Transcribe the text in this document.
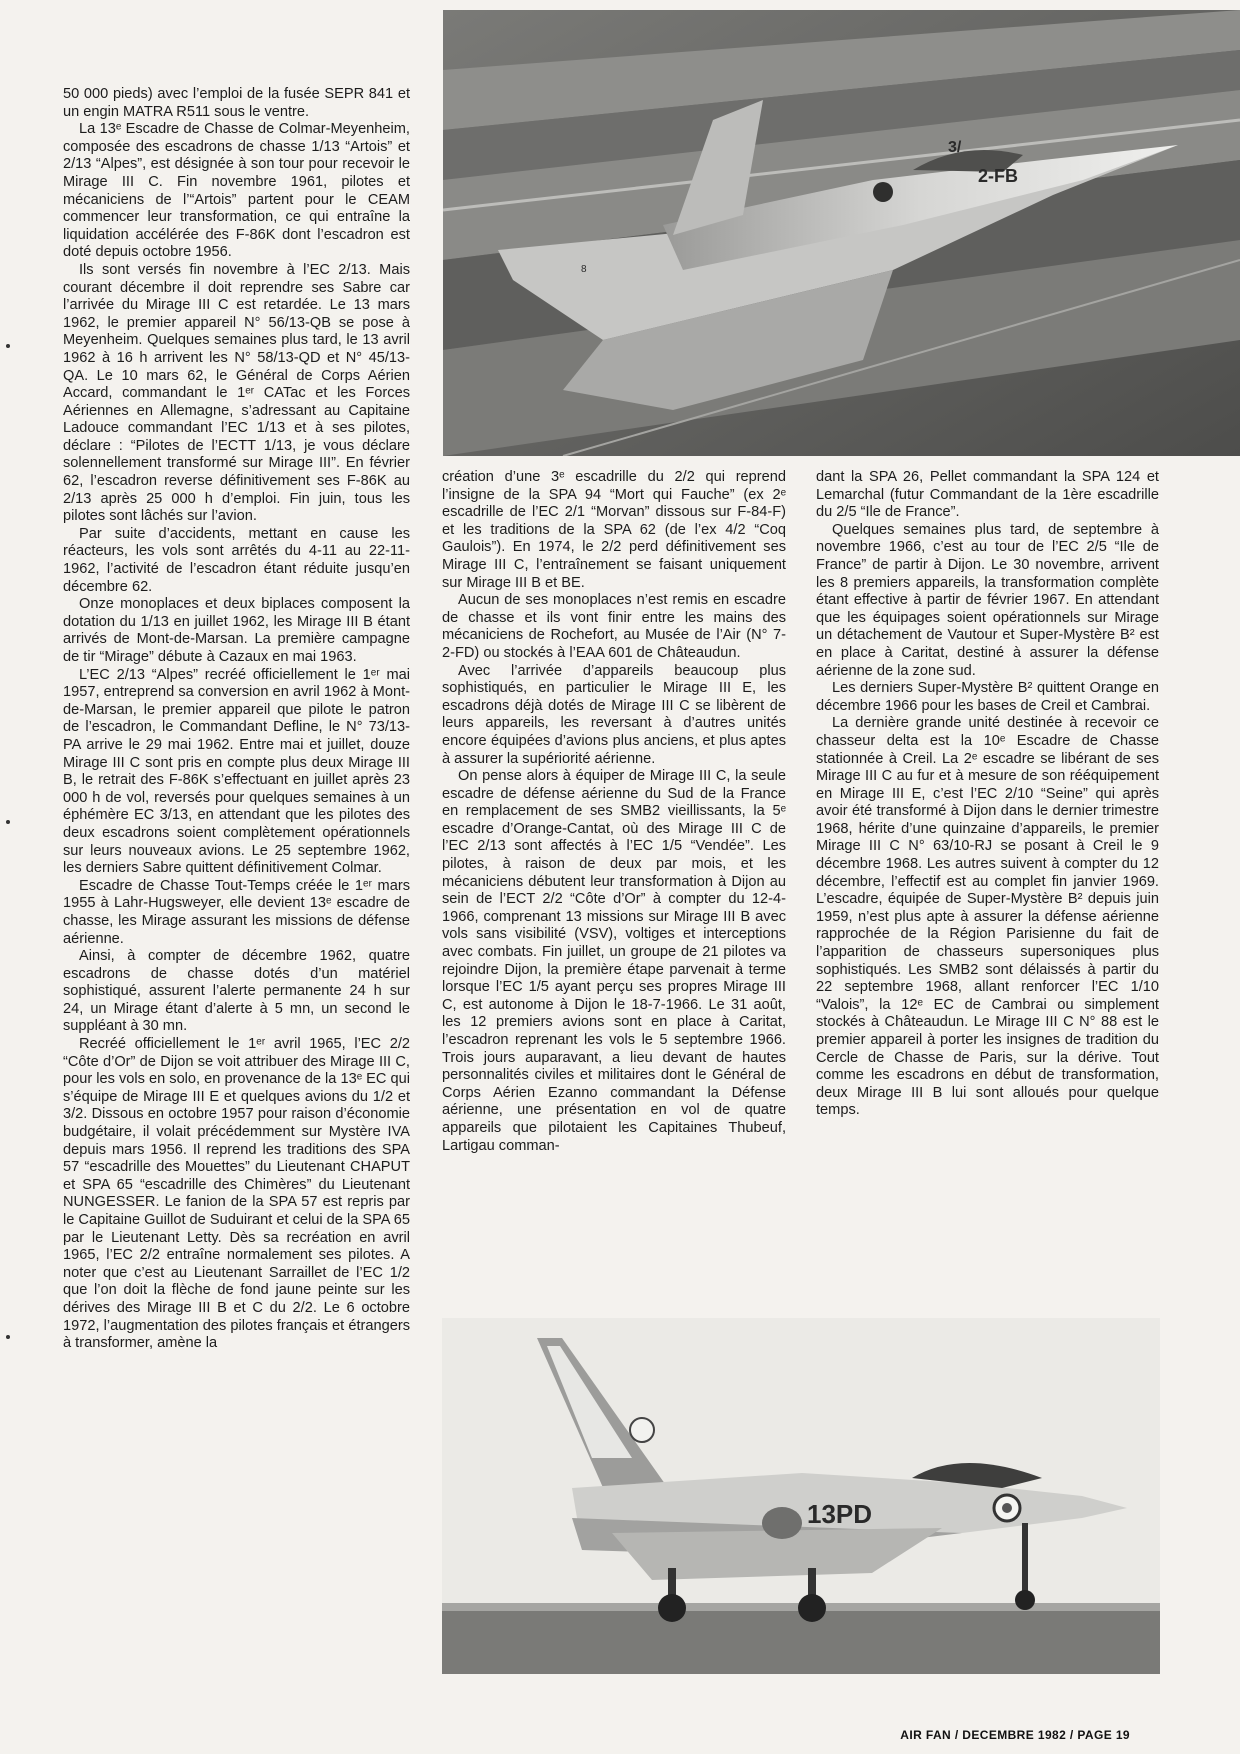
50 000 pieds) avec l’emploi de la fusée SEPR 841 et un engin MATRA R511 sous le ventre.

La 13ᵉ Escadre de Chasse de Colmar-Meyenheim, composée des escadrons de chasse 1/13 “Artois” et 2/13 “Alpes”, est désignée à son tour pour recevoir le Mirage III C. Fin novembre 1961, pilotes et mécaniciens de l’“Artois” partent pour le CEAM commencer leur transformation, ce qui entraîne la liquidation accélérée des F-86K dont l’escadron est doté depuis octobre 1956.

Ils sont versés fin novembre à l’EC 2/13. Mais courant décembre il doit reprendre ses Sabre car l’arrivée du Mirage III C est retardée. Le 13 mars 1962, le premier appareil N° 56/13-QB se pose à Meyenheim. Quelques semaines plus tard, le 13 avril 1962 à 16 h arrivent les N° 58/13-QD et N° 45/13-QA. Le 10 mars 62, le Général de Corps Aérien Accard, commandant le 1ᵉʳ CATac et les Forces Aériennes en Allemagne, s’adressant au Capitaine Ladouce commandant l’EC 1/13 et à ses pilotes, déclare : “Pilotes de l’ECTT 1/13, je vous déclare solennellement transformé sur Mirage III”. En février 62, l’escadron reverse définitivement ses F-86K au 2/13 après 25 000 h d’emploi. Fin juin, tous les pilotes sont lâchés sur l’avion.

Par suite d’accidents, mettant en cause les réacteurs, les vols sont arrêtés du 4-11 au 22-11-1962, l’activité de l’escadron étant réduite jusqu’en décembre 62.

Onze monoplaces et deux biplaces composent la dotation du 1/13 en juillet 1962, les Mirage III B étant arrivés de Mont-de-Marsan. La première campagne de tir “Mirage” débute à Cazaux en mai 1963.

L’EC 2/13 “Alpes” recréé officiellement le 1ᵉʳ mai 1957, entreprend sa conversion en avril 1962 à Mont-de-Marsan, le premier appareil que pilote le patron de l’escadron, le Commandant Defline, le N° 73/13-PA arrive le 29 mai 1962. Entre mai et juillet, douze Mirage III C sont pris en compte plus deux Mirage III B, le retrait des F-86K s’effectuant en juillet après 23 000 h de vol, reversés pour quelques semaines à un éphémère EC 3/13, en attendant que les pilotes des deux escadrons soient complètement opérationnels sur leurs nouveaux avions. Le 25 septembre 1962, les derniers Sabre quittent définitivement Colmar.

Escadre de Chasse Tout-Temps créée le 1ᵉʳ mars 1955 à Lahr-Hugsweyer, elle devient 13ᵉ escadre de chasse, les Mirage assurant les missions de défense aérienne.

Ainsi, à compter de décembre 1962, quatre escadrons de chasse dotés d’un matériel sophistiqué, assurent l’alerte permanente 24 h sur 24, un Mirage étant d’alerte à 5 mn, un second le suppléant à 30 mn.

Recréé officiellement le 1ᵉʳ avril 1965, l’EC 2/2 “Côte d’Or” de Dijon se voit attribuer des Mirage III C, pour les vols en solo, en provenance de la 13ᵉ EC qui s’équipe de Mirage III E et quelques avions du 1/2 et 3/2. Dissous en octobre 1957 pour raison d’économie budgétaire, il volait précédemment sur Mystère IVA depuis mars 1956. Il reprend les traditions des SPA 57 “escadrille des Mouettes” du Lieutenant CHAPUT et SPA 65 “escadrille des Chimères” du Lieutenant NUNGESSER. Le fanion de la SPA 57 est repris par le Capitaine Guillot de Suduirant et celui de la SPA 65 par le Lieutenant Letty. Dès sa recréation en avril 1965, l’EC 2/2 entraîne normalement ses pilotes. A noter que c’est au Lieutenant Sarraillet de l’EC 1/2 que l’on doit la flèche de fond jaune peinte sur les dérives des Mirage III B et C du 2/2. Le 6 octobre 1972, l’augmentation des pilotes français et étrangers à transformer, amène la

3/
2-FB
8

création d’une 3ᵉ escadrille du 2/2 qui reprend l’insigne de la SPA 94 “Mort qui Fauche” (ex 2ᵉ escadrille de l’EC 2/1 “Morvan” dissous sur F-84-F) et les traditions de la SPA 62 (de l’ex 4/2 “Coq Gaulois”). En 1974, le 2/2 perd définitivement ses Mirage III C, l’entraînement se faisant uniquement sur Mirage III B et BE.

Aucun de ses monoplaces n’est remis en escadre de chasse et ils vont finir entre les mains des mécaniciens de Rochefort, au Musée de l’Air (N° 7-2-FD) ou stockés à l’EAA 601 de Châteaudun.

Avec l’arrivée d’appareils beaucoup plus sophistiqués, en particulier le Mirage III E, les escadrons déjà dotés de Mirage III C se libèrent de leurs appareils, les reversant à d’autres unités encore équipées d’avions plus anciens, et plus aptes à assurer la supériorité aérienne.

On pense alors à équiper de Mirage III C, la seule escadre de défense aérienne du Sud de la France en remplacement de ses SMB2 vieillissants, la 5ᵉ escadre d’Orange-Cantat, où des Mirage III C de l’EC 2/13 sont affectés à l’EC 1/5 “Vendée”. Les pilotes, à raison de deux par mois, et les mécaniciens débutent leur transformation à Dijon au sein de l’ECT 2/2 “Côte d’Or” à compter du 12-4-1966, comprenant 13 missions sur Mirage III B avec vols sans visibilité (VSV), voltiges et interceptions avec combats. Fin juillet, un groupe de 21 pilotes va rejoindre Dijon, la première étape parvenait à terme lorsque l’EC 1/5 ayant perçu ses propres Mirage III C, est autonome à Dijon le 18-7-1966. Le 31 août, les 12 premiers avions sont en place à Caritat, l’escadron reprenant les vols le 5 septembre 1966. Trois jours auparavant, a lieu devant de hautes personnalités civiles et militaires dont le Général de Corps Aérien Ezanno commandant la Défense aérienne, une présentation en vol de quatre appareils que pilotaient les Capitaines Thubeuf, Lartigau comman-

dant la SPA 26, Pellet commandant la SPA 124 et Lemarchal (futur Commandant de la 1ère escadrille du 2/5 “Ile de France”.

Quelques semaines plus tard, de septembre à novembre 1966, c’est au tour de l’EC 2/5 “Ile de France” de partir à Dijon. Le 30 novembre, arrivent les 8 premiers appareils, la transformation complète étant effective à partir de février 1967. En attendant que les équipages soient opérationnels sur Mirage un détachement de Vautour et Super-Mystère B² est en place à Caritat, destiné à assurer la défense aérienne de la zone sud.

Les derniers Super-Mystère B² quittent Orange en décembre 1966 pour les bases de Creil et Cambrai.

La dernière grande unité destinée à recevoir ce chasseur delta est la 10ᵉ Escadre de Chasse stationnée à Creil. La 2ᵉ escadre se libérant de ses Mirage III C au fur et à mesure de son rééquipement en Mirage III E, c’est l’EC 2/10 “Seine” qui après avoir été transformé à Dijon dans le dernier trimestre 1968, hérite d’une quinzaine d’appareils, le premier Mirage III C N° 63/10-RJ se posant à Creil le 9 décembre 1968. Les autres suivent à compter du 12 décembre, l’effectif est au complet fin janvier 1969. L’escadre, équipée de Super-Mystère B² depuis juin 1959, n’est plus apte à assurer la défense aérienne rapprochée de la Région Parisienne du fait de l’apparition de chasseurs supersoniques plus sophistiqués. Les SMB2 sont délaissés à partir du 22 septembre 1968, allant renforcer l’EC 1/10 “Valois”, la 12ᵉ EC de Cambrai ou simplement stockés à Châteaudun. Le Mirage III C N° 88 est le premier appareil à porter les insignes de tradition du Cercle de Chasse de Paris, sur la dérive. Tout comme les escadrons en début de transformation, deux Mirage III B lui sont alloués pour quelque temps.

13PD
AIR FAN / DECEMBRE 1982 / PAGE 19
